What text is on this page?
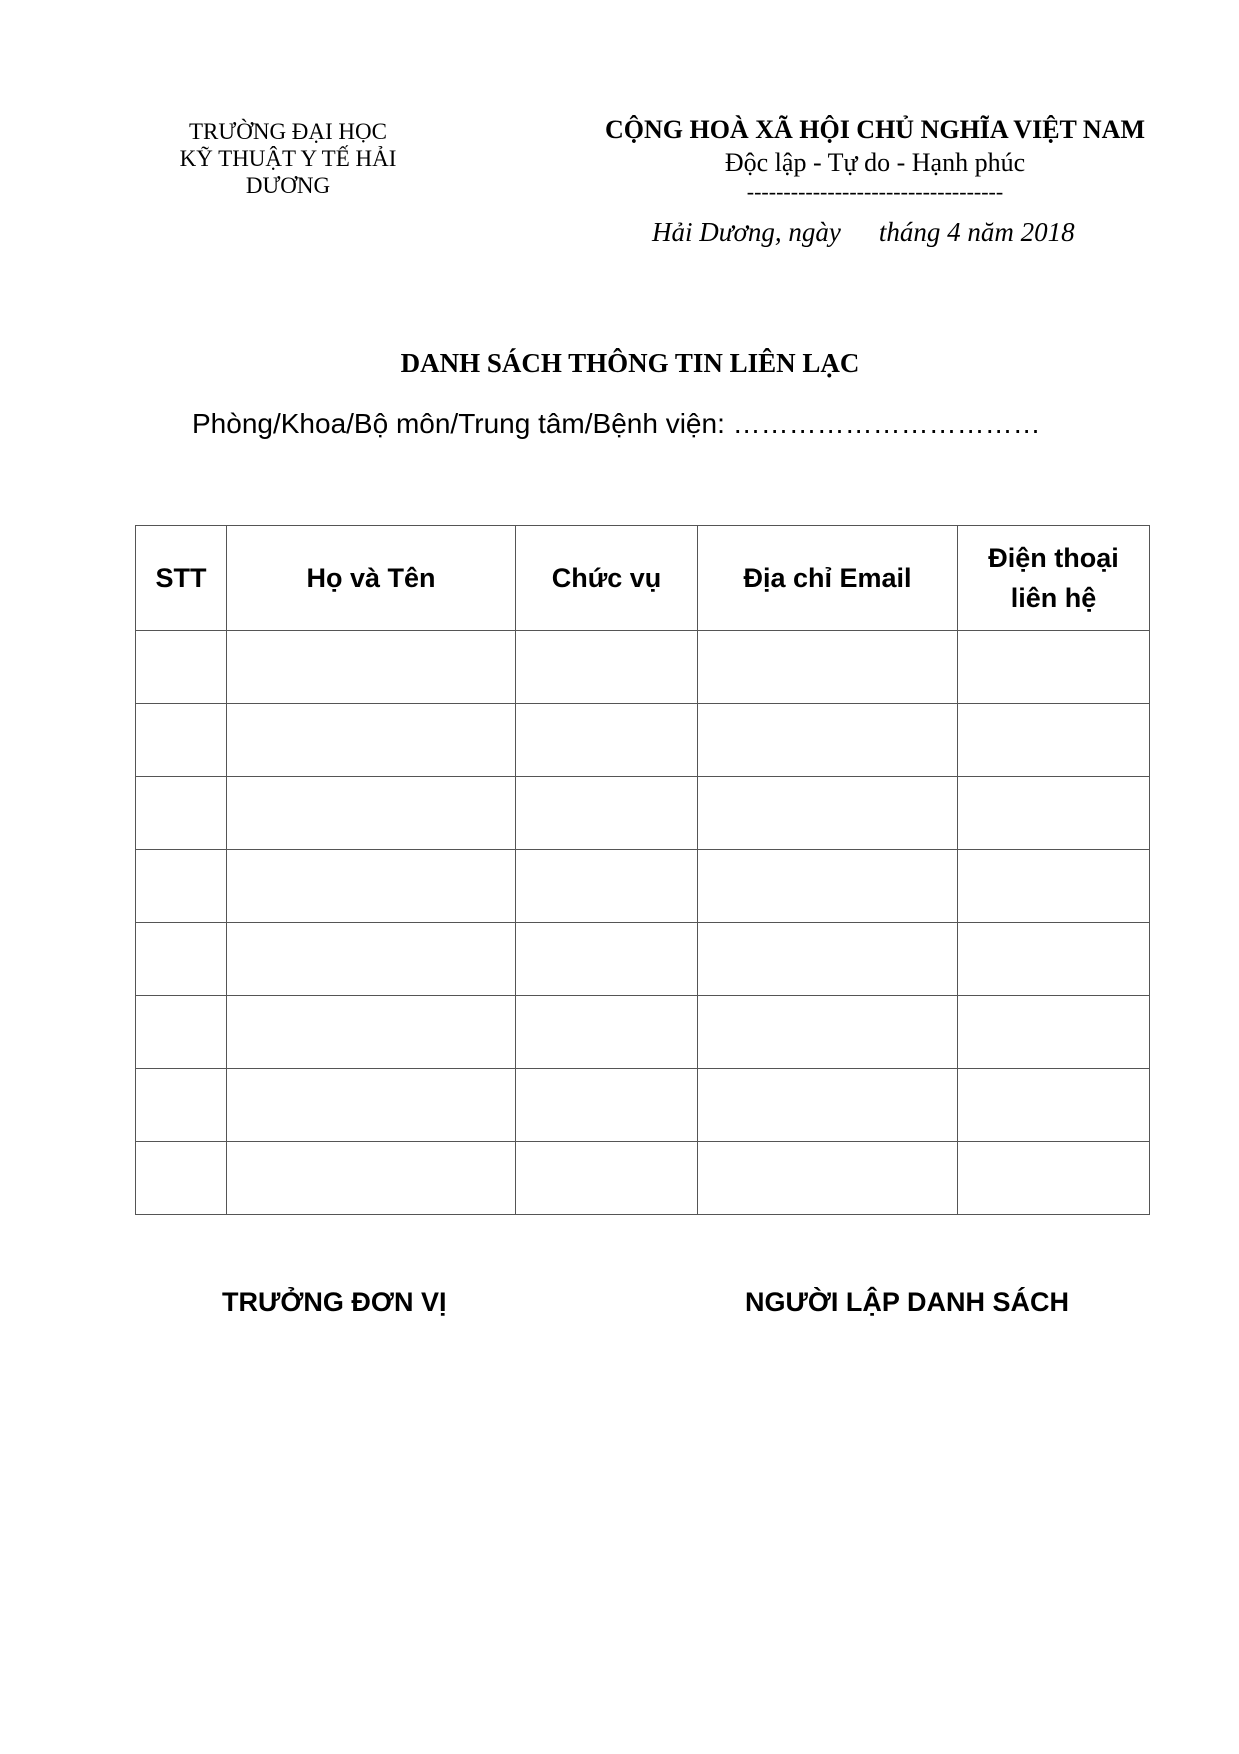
TRƯỜNG ĐẠI HỌC
KỸ THUẬT Y TẾ HẢI DƯƠNG
CỘNG HOÀ XÃ HỘI CHỦ NGHĨA VIỆT NAM
Độc lập - Tự do - Hạnh phúc
-----------------------------------
Hải Dương, ngày tháng 4 năm 2018
DANH SÁCH THÔNG TIN LIÊN LẠC
Phòng/Khoa/Bộ môn/Trung tâm/Bệnh viện: ……………………………
STT	Họ và Tên	Chức vụ	Địa chỉ Email	Điện thoại
liên hệ

TRƯỞNG ĐƠN VỊ	NGƯỜI LẬP DANH SÁCH
